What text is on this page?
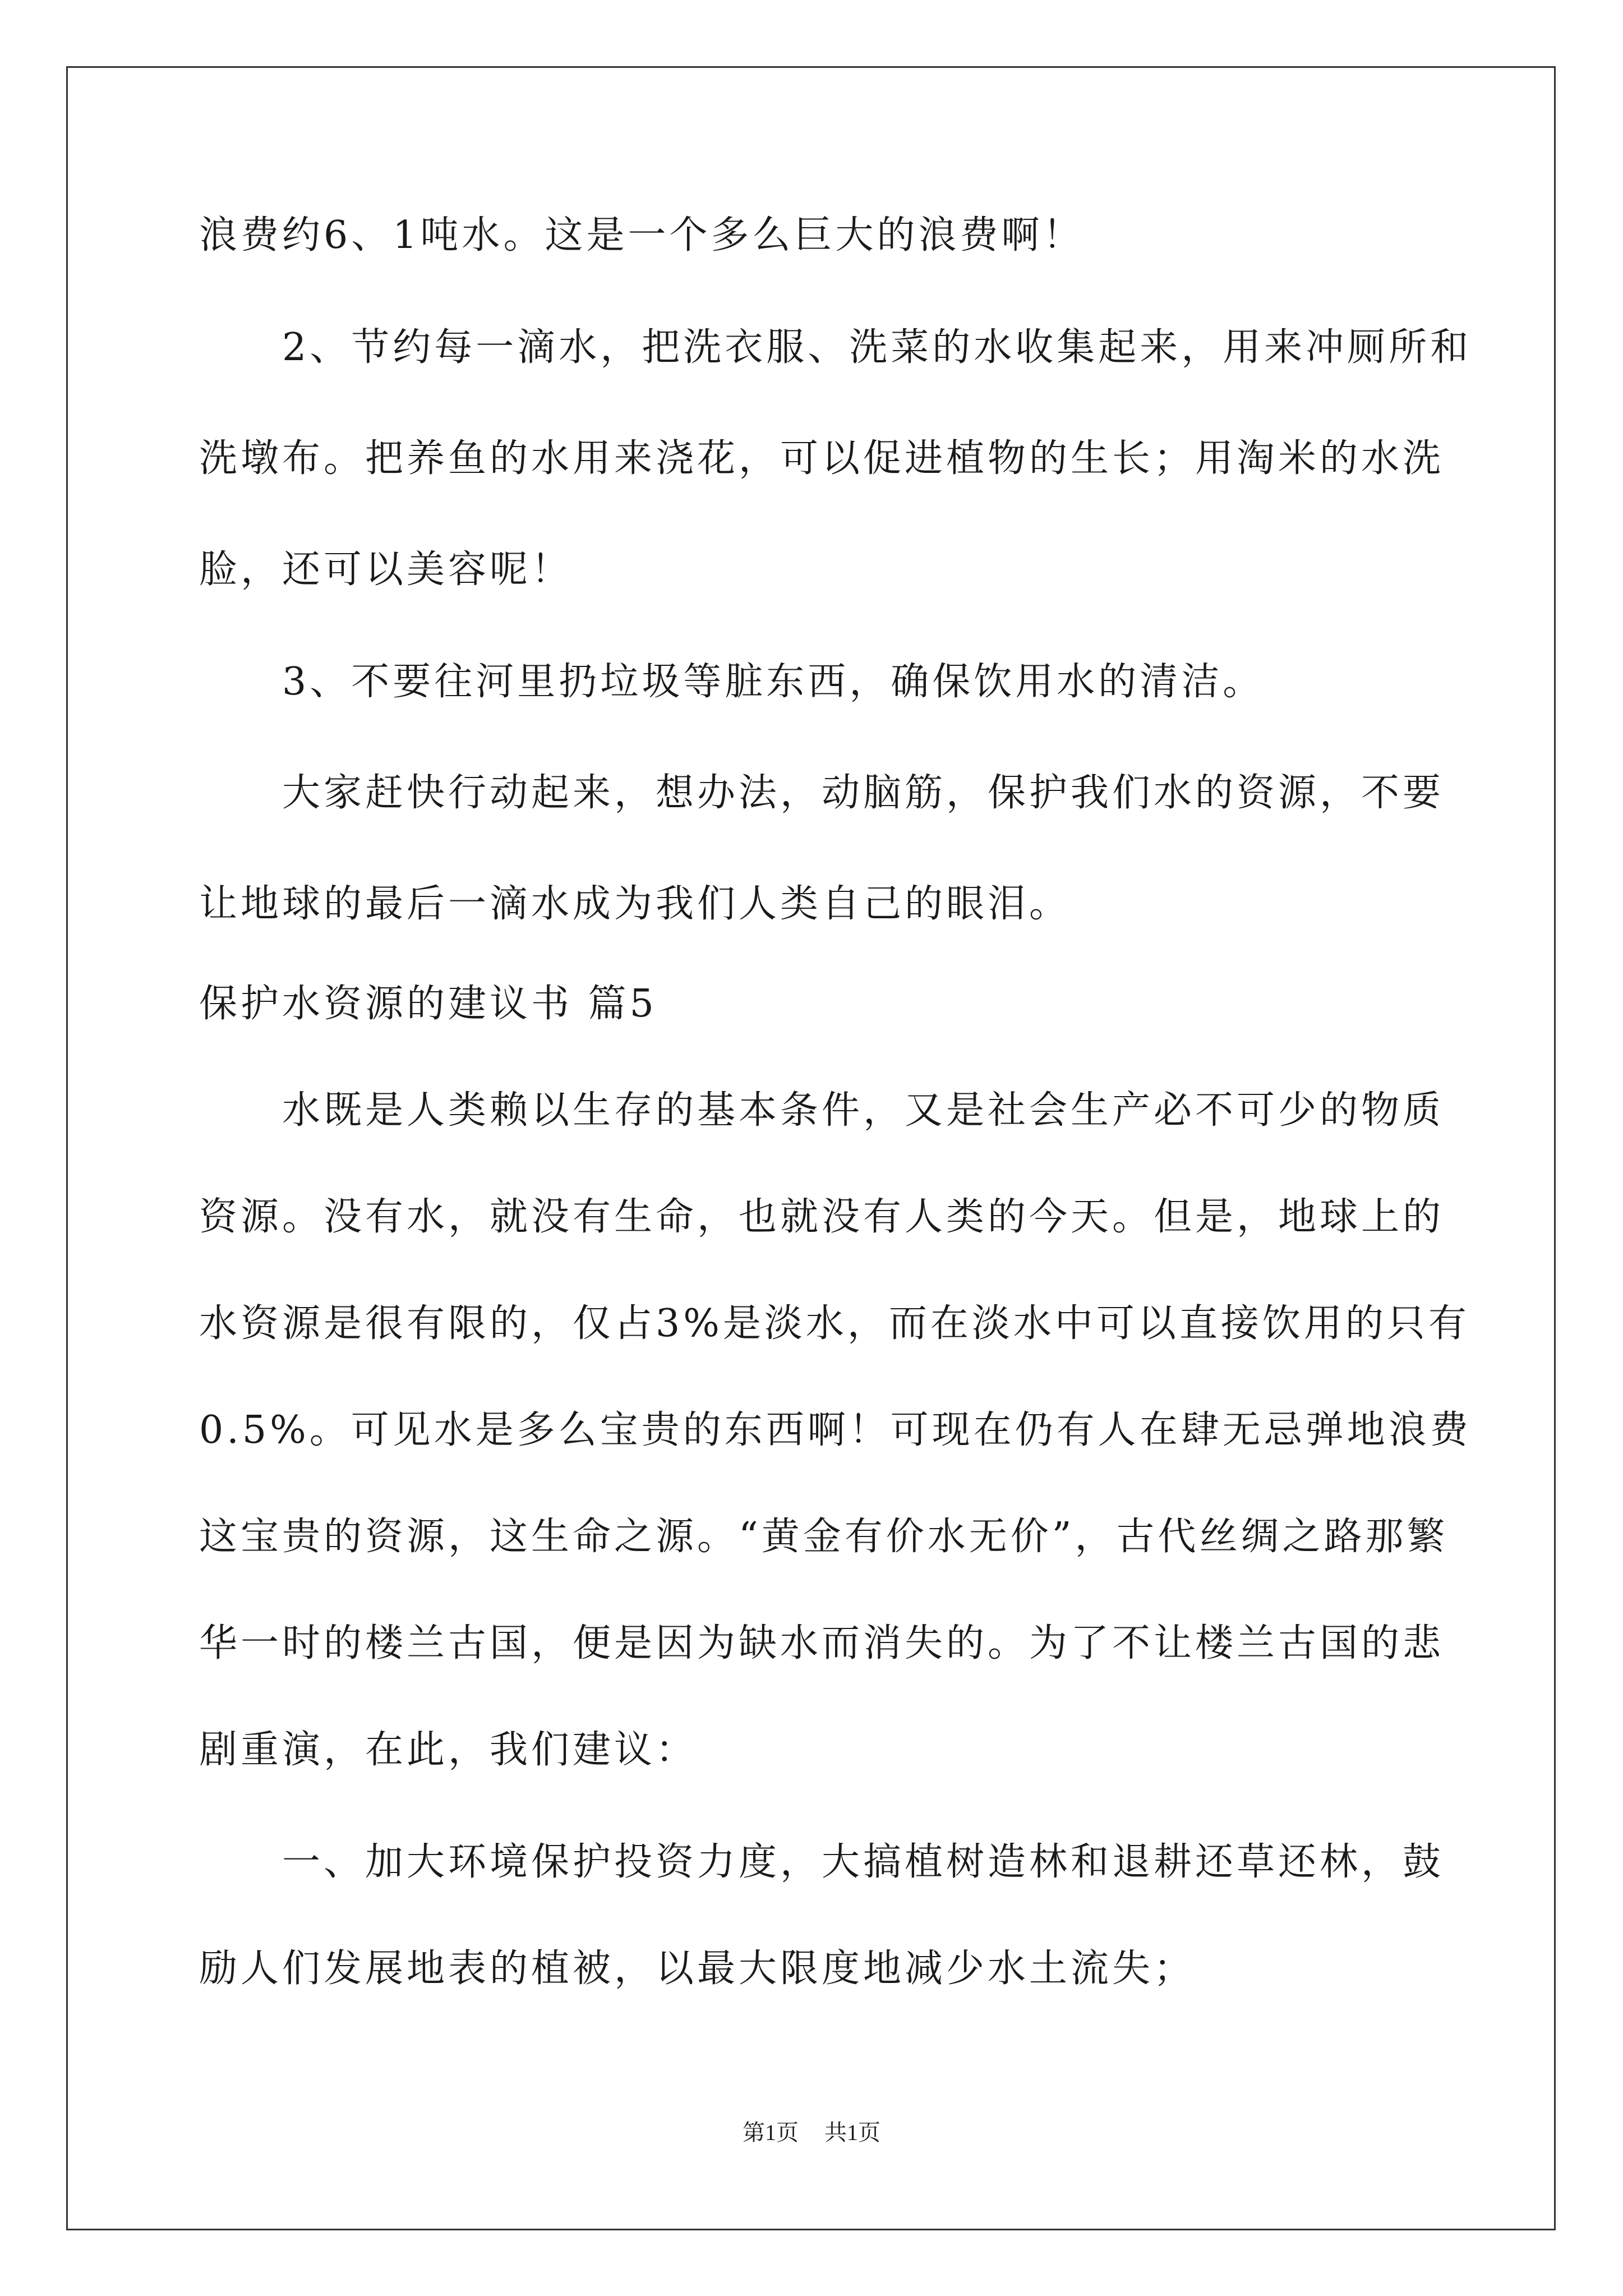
浪费约6、1吨水。这是一个多么巨大的浪费啊！
2、节约每一滴水，把洗衣服、洗菜的水收集起来，用来冲厕所和
洗墩布。把养鱼的水用来浇花，可以促进植物的生长；用淘米的水洗
脸，还可以美容呢！
3、不要往河里扔垃圾等脏东西，确保饮用水的清洁。
大家赶快行动起来，想办法，动脑筋，保护我们水的资源，不要
让地球的最后一滴水成为我们人类自己的眼泪。
保护水资源的建议书 篇5
水既是人类赖以生存的基本条件，又是社会生产必不可少的物质
资源。没有水，就没有生命，也就没有人类的今天。但是，地球上的
水资源是很有限的，仅占3%是淡水，而在淡水中可以直接饮用的只有
0.5%。可见水是多么宝贵的东西啊！可现在仍有人在肆无忌弹地浪费
这宝贵的资源，这生命之源。“黄金有价水无价”，古代丝绸之路那繁
华一时的楼兰古国，便是因为缺水而消失的。为了不让楼兰古国的悲
剧重演，在此，我们建议：
一、加大环境保护投资力度，大搞植树造林和退耕还草还林，鼓
励人们发展地表的植被，以最大限度地减少水土流失；
第1页 共1页
